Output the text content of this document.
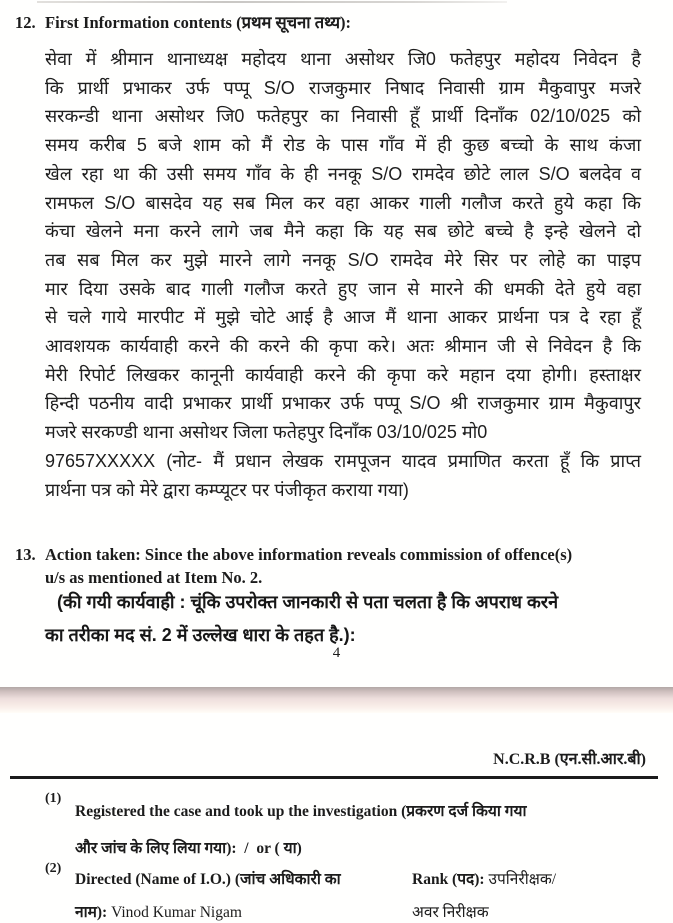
12. First Information contents (प्रथम सूचना तथ्य):
सेवा में श्रीमान थानाध्यक्ष महोदय थाना असोथर जि0 फतेहपुर महोदय निवेदन है
कि प्रार्थी प्रभाकर उर्फ पप्पू S/O राजकुमार निषाद निवासी ग्राम मैकुवापुर मजरे
सरकन्डी थाना असोथर जि0 फतेहपुर का निवासी हूँ प्रार्थी दिनाँक 02/10/025 को
समय करीब 5 बजे शाम को मैं रोड के पास गाँव में ही कुछ बच्चो के साथ कंजा
खेल रहा था की उसी समय गाँव के ही ननकू S/O रामदेव छोटे लाल S/O बलदेव व
रामफल S/O बासदेव यह सब मिल कर वहा आकर गाली गलौज करते हुये कहा कि
कंचा खेलने मना करने लागे जब मैने कहा कि यह सब छोटे बच्चे है इन्हे खेलने दो
तब सब मिल कर मुझे मारने लागे ननकू S/O रामदेव मेरे सिर पर लोहे का पाइप
मार दिया उसके बाद गाली गलौज करते हुए जान से मारने की धमकी देते हुये वहा
से चले गाये मारपीट में मुझे चोटे आई है आज मैं थाना आकर प्रार्थना पत्र दे रहा हूँ
आवशयक कार्यवाही करने की करने की कृपा करे। अतः श्रीमान जी से निवेदन है कि
मेरी रिपोर्ट लिखकर कानूनी कार्यवाही करने की कृपा करे महान दया होगी। हस्ताक्षर
हिन्दी पठनीय वादी प्रभाकर प्रार्थी प्रभाकर उर्फ पप्पू S/O श्री राजकुमार ग्राम मैकुवापुर
मजरे सरकण्डी थाना असोथर जिला फतेहपुर दिनाँक 03/10/025 मो0
97657XXXXX (नोट- मैं प्रधान लेखक रामपूजन यादव प्रमाणित करता हूँ कि प्राप्त
प्रार्थना पत्र को मेरे द्वारा कम्प्यूटर पर पंजीकृत कराया गया)
13. Action taken: Since the above information reveals commission of offence(s)
u/s as mentioned at Item No. 2.
(की गयी कार्यवाही : चूंकि उपरोक्त जानकारी से पता चलता है कि अपराध करने
का तरीका मद सं. 2 में उल्लेख धारा के तहत है.):
4
N.C.R.B (एन.सी.आर.बी)
(1)
Registered the case and took up the investigation (प्रकरण दर्ज किया गया
और जांच के लिए लिया गया):  /  or ( या)
(2)
Directed (Name of I.O.) (जांच अधिकारी का
नाम): Vinod Kumar Nigam
Rank (पद): उपनिरीक्षक/
अवर निरीक्षक
